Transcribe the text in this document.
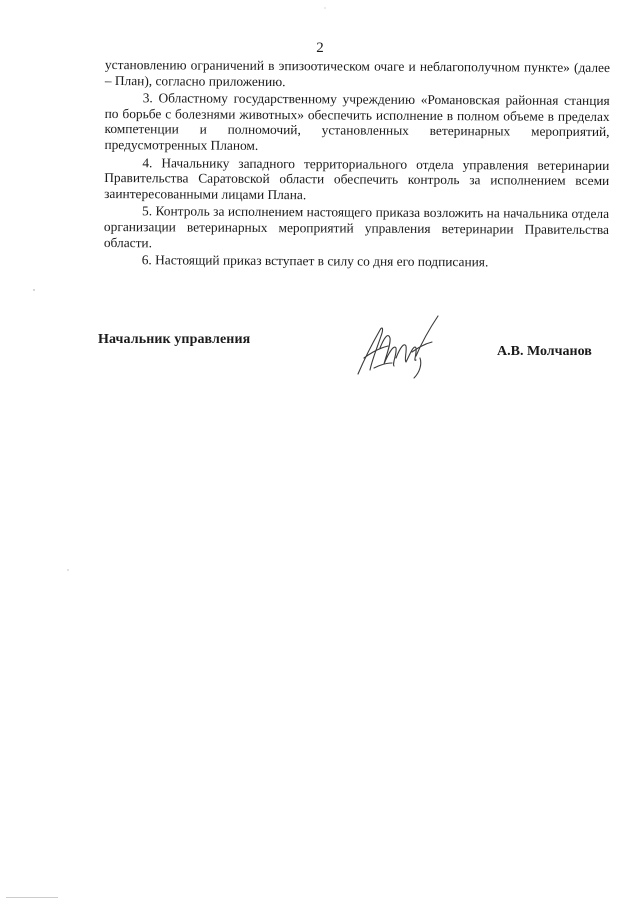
2

установлению ограничений в эпизоотическом очаге и неблагополучном пункте» (далее – План), согласно приложению.

3. Областному государственному учреждению «Романовская районная станция по борьбе с болезнями животных» обеспечить исполнение в полном объеме в пределах компетенции и полномочий, установленных ветеринарных мероприятий, предусмотренных Планом.

4. Начальнику западного территориального отдела управления ветеринарии Правительства Саратовской области обеспечить контроль за исполнением всеми заинтересованными лицами Плана.

5. Контроль за исполнением настоящего приказа возложить на начальника отдела организации ветеринарных мероприятий управления ветеринарии Правительства области.

6. Настоящий приказ вступает в силу со дня его подписания.

Начальник управления
А.В. Молчанов
